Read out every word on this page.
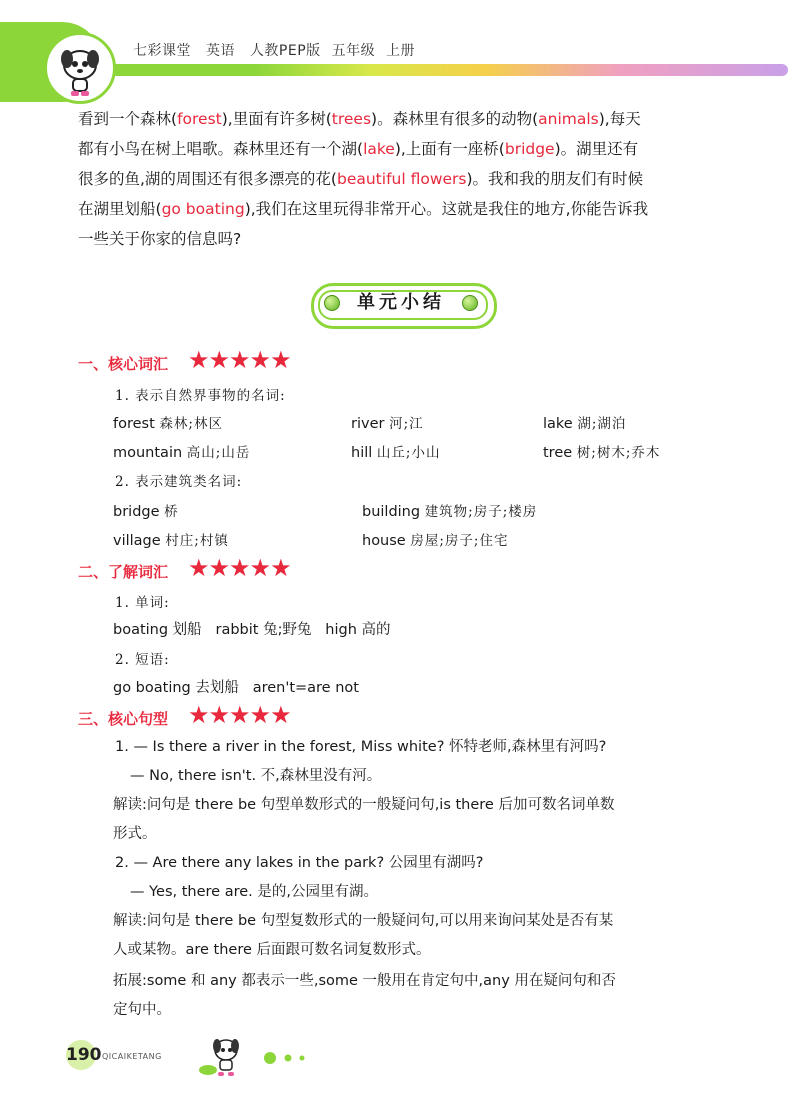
七彩课堂 英语 人教PEP版 五年级 上册
看到一个森林(forest),里面有许多树(trees)。森林里有很多的动物(animals),每天
都有小鸟在树上唱歌。森林里还有一个湖(lake),上面有一座桥(bridge)。湖里还有
很多的鱼,湖的周围还有很多漂亮的花(beautiful flowers)。我和我的朋友们有时候
在湖里划船(go boating),我们在这里玩得非常开心。这就是我住的地方,你能告诉我
一些关于你家的信息吗?
单元小结
一、核心词汇 ★★★★★
1. 表示自然界事物的名词:
forest 森林;林区	river 河;江	lake 湖;湖泊
mountain 高山;山岳	hill 山丘;小山	tree 树;树木;乔木
2. 表示建筑类名词:
bridge 桥	building 建筑物;房子;楼房
village 村庄;村镇	house 房屋;房子;住宅
二、了解词汇 ★★★★★
1. 单词:
boating 划船   rabbit 兔;野兔   high 高的
2. 短语:
go boating 去划船   aren't=are not
三、核心句型 ★★★★★
1. — Is there a river in the forest, Miss white? 怀特老师,森林里有河吗?
— No, there isn't. 不,森林里没有河。
解读:问句是 there be 句型单数形式的一般疑问句,is there 后加可数名词单数
形式。
2. — Are there any lakes in the park? 公园里有湖吗?
— Yes, there are. 是的,公园里有湖。
解读:问句是 there be 句型复数形式的一般疑问句,可以用来询问某处是否有某
人或某物。are there 后面跟可数名词复数形式。
拓展:some 和 any 都表示一些,some 一般用在肯定句中,any 用在疑问句和否
定句中。
190 QICAIKETANG
